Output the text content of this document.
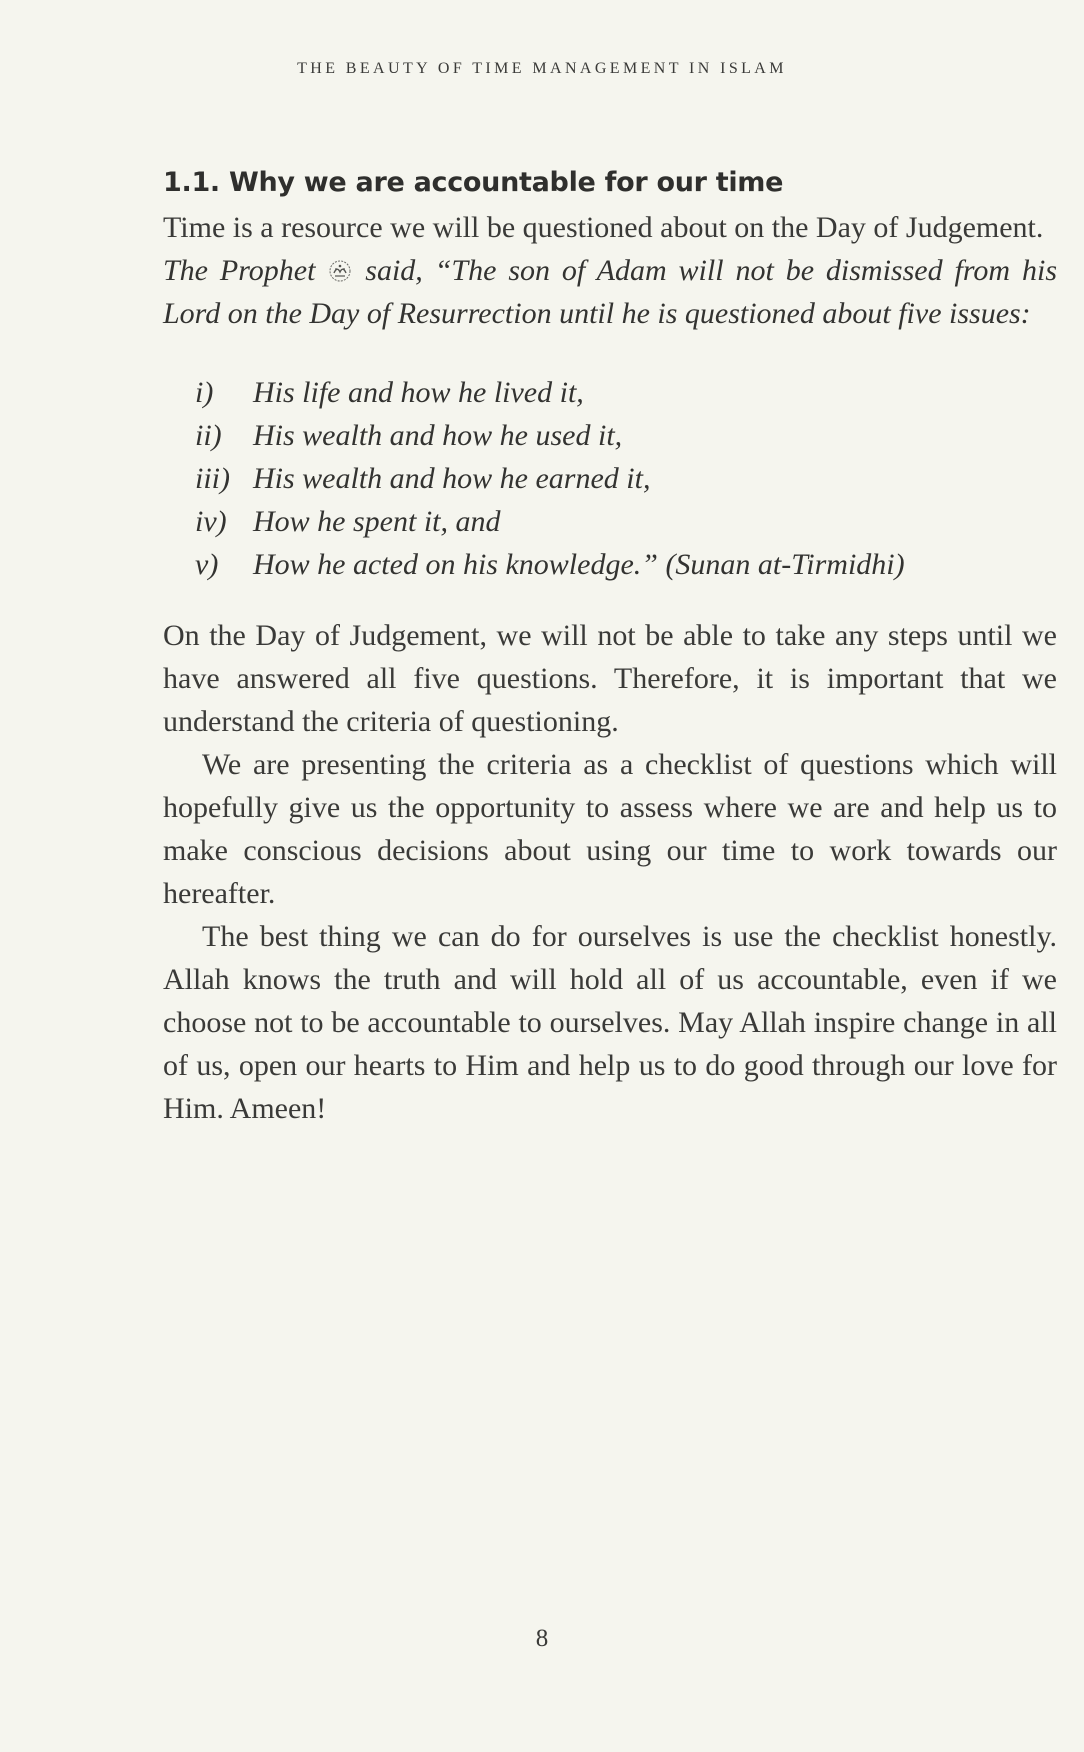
THE BEAUTY OF TIME MANAGEMENT IN ISLAM
1.1. Why we are accountable for our time

Time is a resource we will be questioned about on the Day of Judgement.

The Prophet said, “The son of Adam will not be dismissed from his Lord on the Day of Resurrection until he is questioned about five issues:

i)	His life and how he lived it,
ii)	His wealth and how he used it,
iii) His wealth and how he earned it,
iv) How he spent it, and
v)	How he acted on his knowledge.” (Sunan at-Tirmidhi)

On the Day of Judgement, we will not be able to take any steps until we have answered all five questions. Therefore, it is important that we understand the criteria of questioning.

We are presenting the criteria as a checklist of questions which will hopefully give us the opportunity to assess where we are and help us to make conscious decisions about using our time to work towards our hereafter.

The best thing we can do for ourselves is use the checklist honestly. Allah knows the truth and will hold all of us accountable, even if we choose not to be accountable to ourselves. May Allah inspire change in all of us, open our hearts to Him and help us to do good through our love for Him. Ameen!

8
